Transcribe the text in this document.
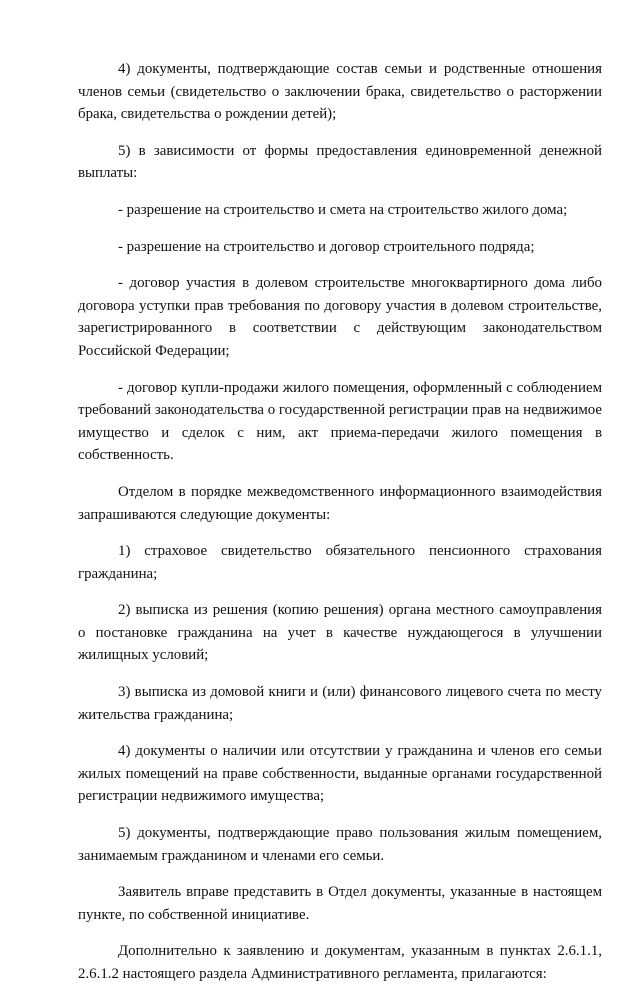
4) документы, подтверждающие состав семьи и родственные отношения членов семьи (свидетельство о заключении брака, свидетельство о расторжении брака, свидетельства о рождении детей);

5) в зависимости от формы предоставления единовременной денежной выплаты:

- разрешение на строительство и смета на строительство жилого дома;

- разрешение на строительство и договор строительного подряда;

- договор участия в долевом строительстве многоквартирного дома либо договора уступки прав требования по договору участия в долевом строительстве, зарегистрированного в соответствии с действующим законодательством Российской Федерации;

- договор купли-продажи жилого помещения, оформленный с соблюдением требований законодательства о государственной регистрации прав на недвижимое имущество и сделок с ним, акт приема-передачи жилого помещения в собственность.

Отделом в порядке межведомственного информационного взаимодействия запрашиваются следующие документы:

1) страховое свидетельство обязательного пенсионного страхования гражданина;

2) выписка из решения (копию решения) органа местного самоуправления о постановке гражданина на учет в качестве нуждающегося в улучшении жилищных условий;

3) выписка из домовой книги и (или) финансового лицевого счета по месту жительства гражданина;

4) документы о наличии или отсутствии у гражданина и членов его семьи жилых помещений на праве собственности, выданные органами государственной регистрации недвижимого имущества;

5) документы, подтверждающие право пользования жилым помещением, занимаемым гражданином и членами его семьи.

Заявитель вправе представить в Отдел документы, указанные в настоящем пункте, по собственной инициативе.

Дополнительно к заявлению и документам, указанным в пунктах 2.6.1.1, 2.6.1.2 настоящего раздела Административного регламента, прилагаются:
